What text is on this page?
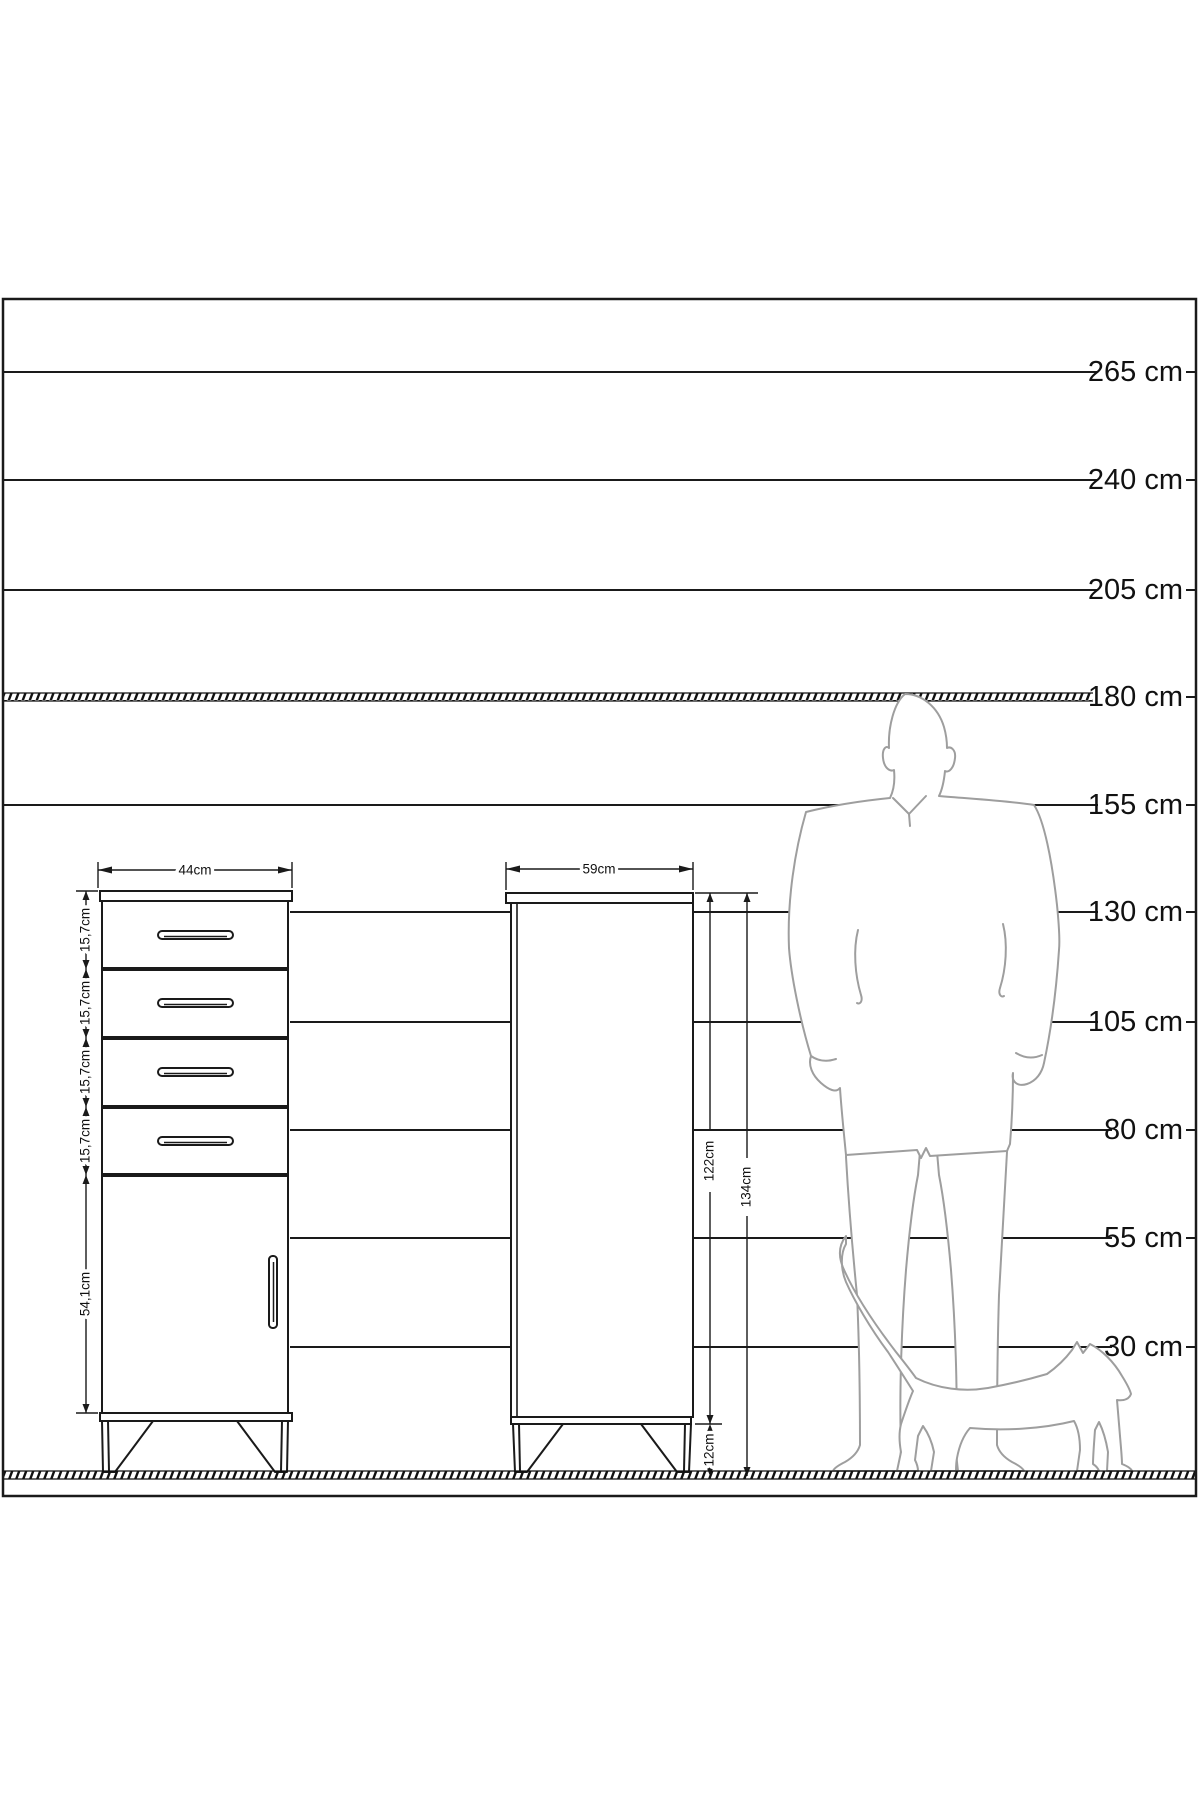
44cm
15,7cm
15,7cm
15,7cm
15,7cm
54,1cm
59cm
122cm
134cm
12cm
265 cm
240 cm
205 cm
180 cm
155 cm
130 cm
105 cm
80 cm
55 cm
30 cm
